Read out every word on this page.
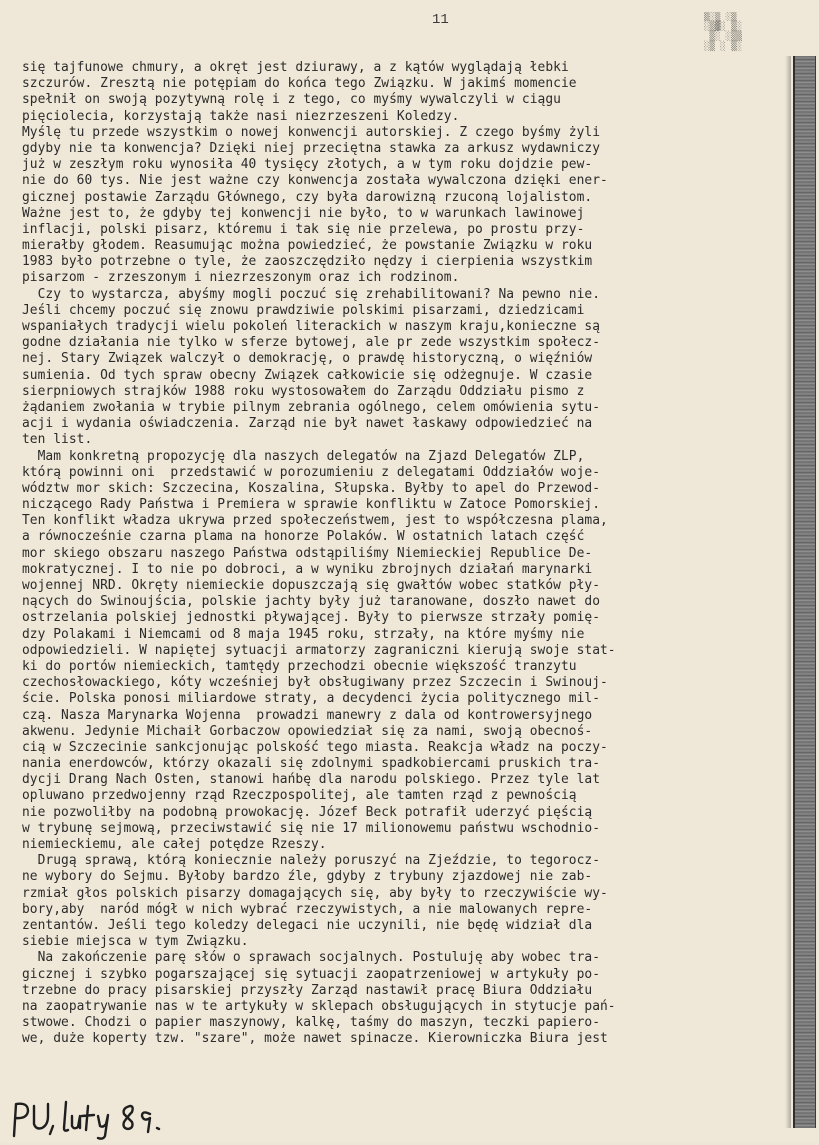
11	▒░▒ ░▒
░▒▓░ ▒░
▒░ ░▒▒
░▒ ░ ▒░
się tajfunowe chmury, a okręt jest dziurawy, a z kątów wyglądają łebki
szczurów. Zresztą nie potępiam do końca tego Związku. W jakimś momencie
spełnił on swoją pozytywną rolę i z tego, co myśmy wywalczyli w ciągu
pięciolecia, korzystają także nasi niezrzeszeni Koledzy.
Myślę tu przede wszystkim o nowej konwencji autorskiej. Z czego byśmy żyli
gdyby nie ta konwencja? Dzięki niej przeciętna stawka za arkusz wydawniczy
już w zeszłym roku wynosiła 40 tysięcy złotych, a w tym roku dojdzie pew-
nie do 60 tys. Nie jest ważne czy konwencja została wywalczona dzięki ener-
gicznej postawie Zarządu Głównego, czy była darowizną rzuconą lojalistom.
Ważne jest to, że gdyby tej konwencji nie było, to w warunkach lawinowej
inflacji, polski pisarz, któremu i tak się nie przelewa, po prostu przy-
mierałby głodem. Reasumując można powiedzieć, że powstanie Związku w roku
1983 było potrzebne o tyle, że zaoszczędziło nędzy i cierpienia wszystkim
pisarzom - zrzeszonym i niezrzeszonym oraz ich rodzinom.
Czy to wystarcza, abyśmy mogli poczuć się zrehabilitowani? Na pewno nie.
Jeśli chcemy poczuć się znowu prawdziwie polskimi pisarzami, dziedzicami
wspaniałych tradycji wielu pokoleń literackich w naszym kraju,konieczne są
godne działania nie tylko w sferze bytowej, ale pr zede wszystkim społecz-
nej. Stary Związek walczył o demokrację, o prawdę historyczną, o więźniów
sumienia. Od tych spraw obecny Związek całkowicie się odżegnuje. W czasie
sierpniowych strajków 1988 roku wystosowałem do Zarządu Oddziału pismo z
żądaniem zwołania w trybie pilnym zebrania ogólnego, celem omówienia sytu-
acji i wydania oświadczenia. Zarząd nie był nawet łaskawy odpowiedzieć na
ten list.
Mam konkretną propozycję dla naszych delegatów na Zjazd Delegatów ZLP,
którą powinni oni  przedstawić w porozumieniu z delegatami Oddziałów woje-
wództw mor skich: Szczecina, Koszalina, Słupska. Byłby to apel do Przewod-
niczącego Rady Państwa i Premiera w sprawie konfliktu w Zatoce Pomorskiej.
Ten konflikt władza ukrywa przed społeczeństwem, jest to współczesna plama,
a równocześnie czarna plama na honorze Polaków. W ostatnich latach część
mor skiego obszaru naszego Państwa odstąpiliśmy Niemieckiej Republice De-
mokratycznej. I to nie po dobroci, a w wyniku zbrojnych działań marynarki
wojennej NRD. Okręty niemieckie dopuszczają się gwałtów wobec statków pły-
nących do Swinoujścia, polskie jachty były już taranowane, doszło nawet do
ostrzelania polskiej jednostki pływającej. Były to pierwsze strzały pomię-
dzy Polakami i Niemcami od 8 maja 1945 roku, strzały, na które myśmy nie
odpowiedzieli. W napiętej sytuacji armatorzy zagraniczni kierują swoje stat-
ki do portów niemieckich, tamtędy przechodzi obecnie większość tranzytu
czechosłowackiego, kóty wcześniej był obsługiwany przez Szczecin i Swinouj-
ście. Polska ponosi miliardowe straty, a decydenci życia politycznego mil-
czą. Nasza Marynarka Wojenna  prowadzi manewry z dala od kontrowersyjnego
akwenu. Jedynie Michaił Gorbaczow opowiedział się za nami, swoją obecnoś-
cią w Szczecinie sankcjonując polskość tego miasta. Reakcja władz na poczy-
nania enerdowców, którzy okazali się zdolnymi spadkobiercami pruskich tra-
dycji Drang Nach Osten, stanowi hańbę dla narodu polskiego. Przez tyle lat
opluwano przedwojenny rząd Rzeczpospolitej, ale tamten rząd z pewnością
nie pozwoliłby na podobną prowokację. Józef Beck potrafił uderzyć pięścią
w trybunę sejmową, przeciwstawić się nie 17 milionowemu państwu wschodnio-
niemieckiemu, ale całej potędze Rzeszy.
Drugą sprawą, którą koniecznie należy poruszyć na Zjeździe, to tegorocz-
ne wybory do Sejmu. Byłoby bardzo źle, gdyby z trybuny zjazdowej nie zab-
rzmiał głos polskich pisarzy domagających się, aby były to rzeczywiście wy-
bory,aby  naród mógł w nich wybrać rzeczywistych, a nie malowanych repre-
zentantów. Jeśli tego koledzy delegaci nie uczynili, nie będę widział dla
siebie miejsca w tym Związku.
Na zakończenie parę słów o sprawach socjalnych. Postuluję aby wobec tra-
gicznej i szybko pogarszającej się sytuacji zaopatrzeniowej w artykuły po-
trzebne do pracy pisarskiej przyszły Zarząd nastawił pracę Biura Oddziału
na zaopatrywanie nas w te artykuły w sklepach obsługujących in stytucje pań-
stwowe. Chodzi o papier maszynowy, kalkę, taśmy do maszyn, teczki papiero-
we, duże koperty tzw. "szare", może nawet spinacze. Kierowniczka Biura jest
